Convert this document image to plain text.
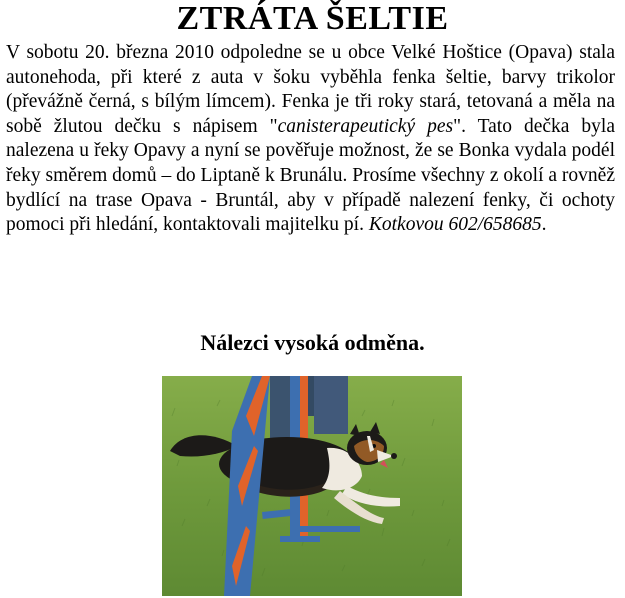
ZTRÁTA ŠELTIE
V sobotu 20. března 2010 odpoledne se u obce Velké Hoštice (Opava) stala autonehoda, při které z auta v šoku vyběhla fenka šeltie, barvy trikolor (převážně černá, s bílým límcem). Fenka je tři roky stará, tetovaná a měla na sobě žlutou dečku s nápisem "canisterapeutický pes". Tato dečka byla nalezena u řeky Opavy a nyní se pověřuje možnost, že se Bonka vydala podél řeky směrem domů – do Liptaně k Brunálu. Prosíme všechny z okolí a rovněž bydlící na trase Opava - Bruntál, aby v případě nalezení fenky, či ochoty pomoci při hledání, kontaktovali majitelku pí. Kotkovou 602/658685.
Nálezci vysoká odměna.
